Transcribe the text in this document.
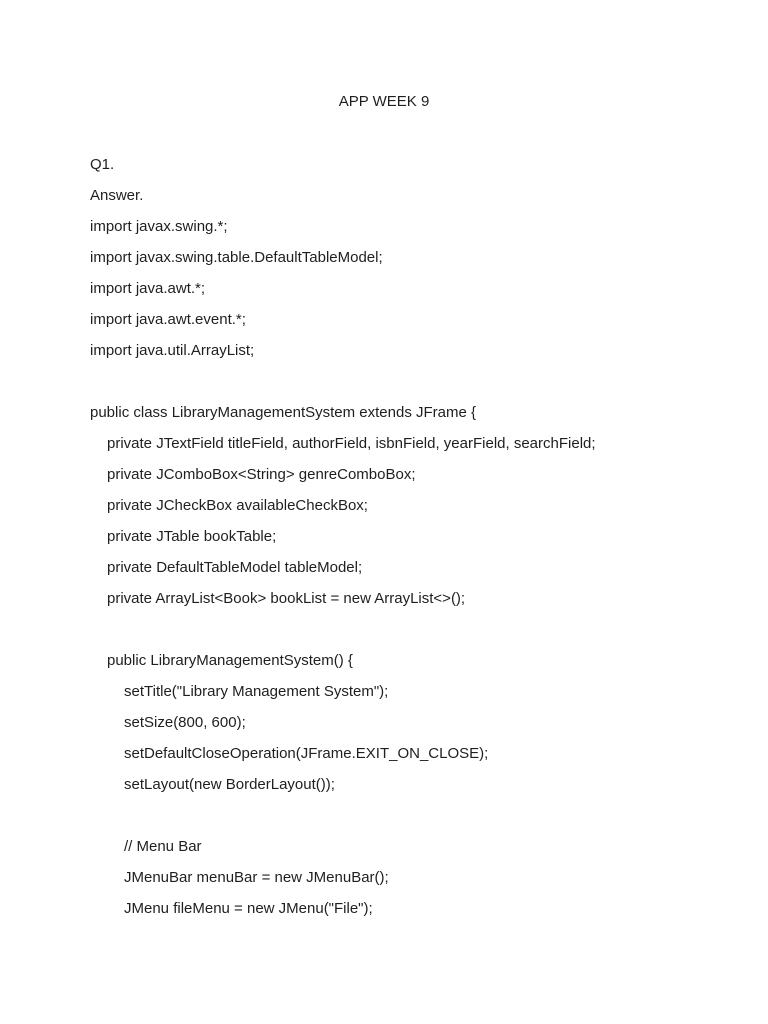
APP WEEK 9
Q1.
Answer.
import javax.swing.*;
import javax.swing.table.DefaultTableModel;
import java.awt.*;
import java.awt.event.*;
import java.util.ArrayList;
public class LibraryManagementSystem extends JFrame {
private JTextField titleField, authorField, isbnField, yearField, searchField;
private JComboBox<String> genreComboBox;
private JCheckBox availableCheckBox;
private JTable bookTable;
private DefaultTableModel tableModel;
private ArrayList<Book> bookList = new ArrayList<>();
public LibraryManagementSystem() {
setTitle("Library Management System");
setSize(800, 600);
setDefaultCloseOperation(JFrame.EXIT_ON_CLOSE);
setLayout(new BorderLayout());
// Menu Bar
JMenuBar menuBar = new JMenuBar();
JMenu fileMenu = new JMenu("File");
